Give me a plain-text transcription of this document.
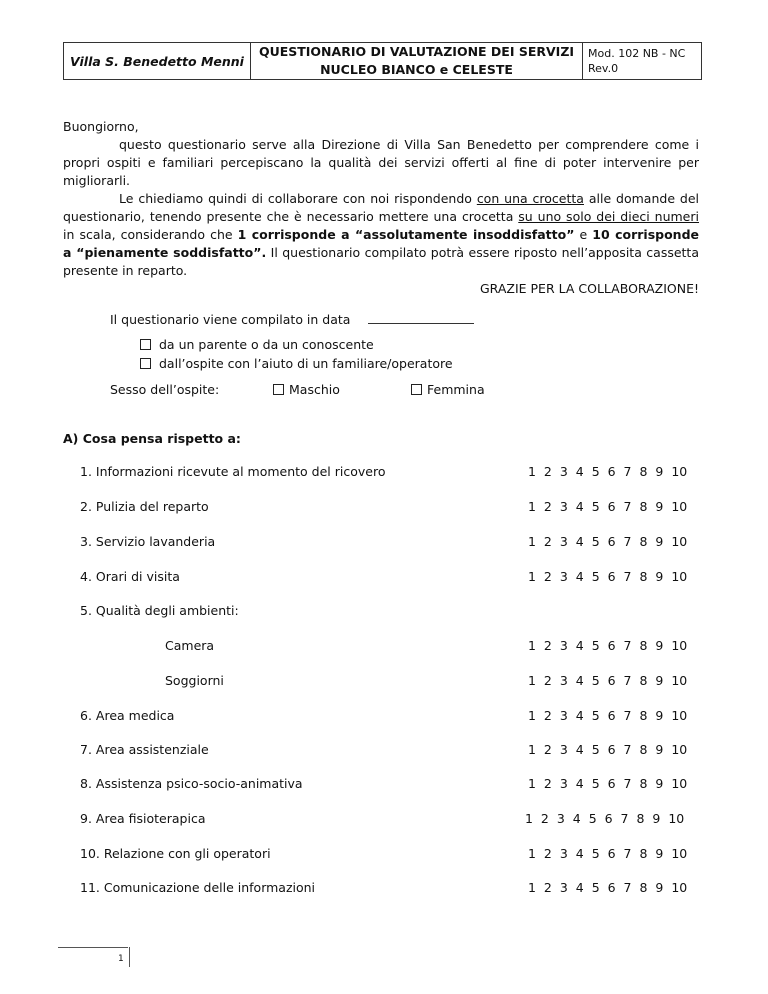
Villa S. Benedetto Menni	
QUESTIONARIO DI VALUTAZIONE DEI SERVIZI
NUCLEO BIANCO e CELESTE

Mod. 102 NB - NC
Rev.0

Buongiorno,

questo questionario serve alla Direzione di Villa San Benedetto per comprendere come i propri ospiti e familiari percepiscano la qualità dei servizi offerti al fine di poter intervenire per migliorarli.

Le chiediamo quindi di collaborare con noi rispondendo con una crocetta alle domande del questionario, tenendo presente che è necessario mettere una crocetta su uno solo dei dieci numeri in scala, considerando che 1 corrisponde a “assolutamente insoddisfatto” e 10 corrisponde a “pienamente soddisfatto”. Il questionario compilato potrà essere riposto nell’apposita cassetta presente in reparto.

GRAZIE PER LA COLLABORAZIONE!

Il questionario viene compilato in data
da un parente o da un conoscente
dall’ospite con l’aiuto di un familiare/operatore
Sesso dell’ospite:	Maschio	Femmina
A) Cosa pensa rispetto a:
1. Informazioni ricevute al momento del ricovero	1 2 3 4 5 6 7 8 9 10
2. Pulizia del reparto	1 2 3 4 5 6 7 8 9 10
3. Servizio lavanderia	1 2 3 4 5 6 7 8 9 10
4. Orari di visita	1 2 3 4 5 6 7 8 9 10
5. Qualità degli ambienti:
Camera	1 2 3 4 5 6 7 8 9 10
Soggiorni	1 2 3 4 5 6 7 8 9 10
6. Area medica	1 2 3 4 5 6 7 8 9 10
7. Area assistenziale	1 2 3 4 5 6 7 8 9 10
8. Assistenza psico-socio-animativa	1 2 3 4 5 6 7 8 9 10
9. Area fisioterapica	1 2 3 4 5 6 7 8 9 10
10. Relazione con gli operatori	1 2 3 4 5 6 7 8 9 10
11. Comunicazione delle informazioni	1 2 3 4 5 6 7 8 9 10
1
